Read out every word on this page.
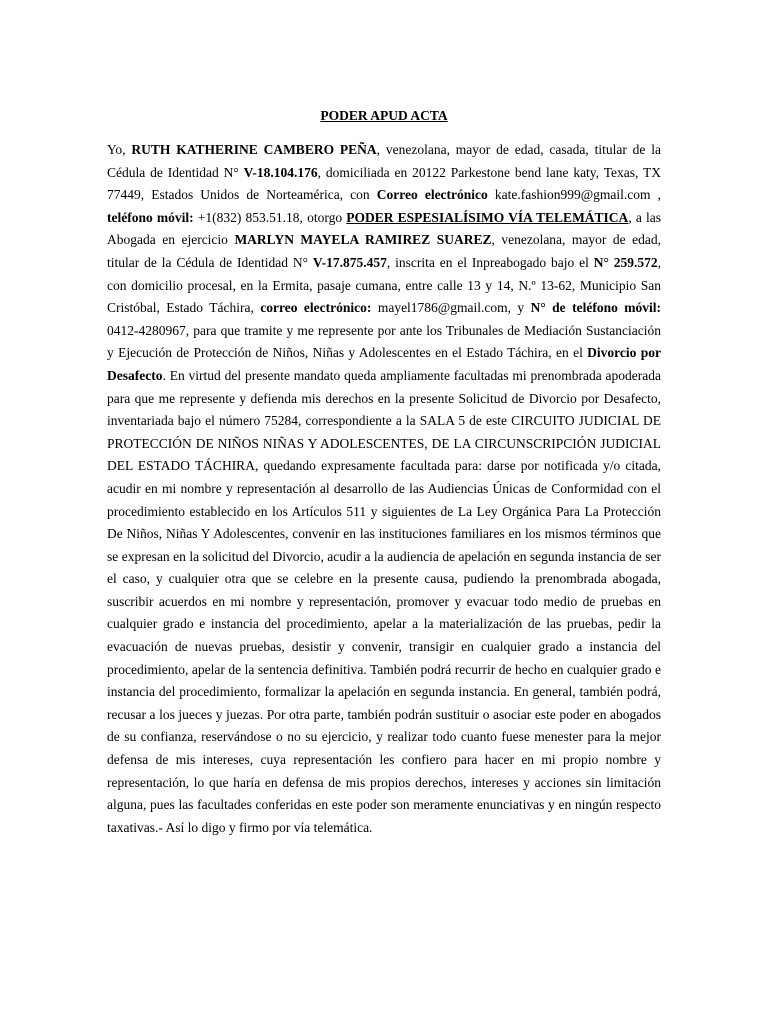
PODER APUD ACTA
Yo, RUTH KATHERINE CAMBERO PEÑA, venezolana, mayor de edad, casada, titular de la Cédula de Identidad N° V-18.104.176, domiciliada en 20122 Parkestone bend lane katy, Texas, TX 77449, Estados Unidos de Norteamérica, con Correo electrónico kate.fashion999@gmail.com , teléfono móvil: +1(832) 853.51.18, otorgo PODER ESPESIALÍSIMO VÍA TELEMÁTICA, a las Abogada en ejercicio MARLYN MAYELA RAMIREZ SUAREZ, venezolana, mayor de edad, titular de la Cédula de Identidad N° V-17.875.457, inscrita en el Inpreabogado bajo el N° 259.572, con domicilio procesal, en la Ermita, pasaje cumana, entre calle 13 y 14, N.º 13-62, Municipio San Cristóbal, Estado Táchira, correo electrónico: mayel1786@gmail.com, y N° de teléfono móvil: 0412-4280967, para que tramite y me represente por ante los Tribunales de Mediación Sustanciación y Ejecución de Protección de Niños, Niñas y Adolescentes en el Estado Táchira, en el Divorcio por Desafecto. En virtud del presente mandato queda ampliamente facultadas mi prenombrada apoderada para que me represente y defienda mis derechos en la presente Solicitud de Divorcio por Desafecto, inventariada bajo el número 75284, correspondiente a la SALA 5 de este CIRCUITO JUDICIAL DE PROTECCIÓN DE NIÑOS NIÑAS Y ADOLESCENTES, DE LA CIRCUNSCRIPCIÓN JUDICIAL DEL ESTADO TÁCHIRA, quedando expresamente facultada para: darse por notificada y/o citada, acudir en mi nombre y representación al desarrollo de las Audiencias Únicas de Conformidad con el procedimiento establecido en los Artículos 511 y siguientes de La Ley Orgánica Para La Protección De Niños, Niñas Y Adolescentes, convenir en las instituciones familiares en los mismos términos que se expresan en la solicitud del Divorcio, acudir a la audiencia de apelación en segunda instancia de ser el caso, y cualquier otra que se celebre en la presente causa, pudiendo la prenombrada abogada, suscribir acuerdos en mi nombre y representación, promover y evacuar todo medio de pruebas en cualquier grado e instancia del procedimiento, apelar a la materialización de las pruebas, pedir la evacuación de nuevas pruebas, desistir y convenir, transigir en cualquier grado a instancia del procedimiento, apelar de la sentencia definitiva. También podrá recurrir de hecho en cualquier grado e instancia del procedimiento, formalizar la apelación en segunda instancia. En general, también podrá, recusar a los jueces y juezas. Por otra parte, también podrán sustituir o asociar este poder en abogados de su confianza, reservándose o no su ejercicio, y realizar todo cuanto fuese menester para la mejor defensa de mis intereses, cuya representación les confiero para hacer en mi propio nombre y representación, lo que haría en defensa de mis propios derechos, intereses y acciones sin limitación alguna, pues las facultades conferidas en este poder son meramente enunciativas y en ningún respecto taxativas.- Así lo digo y firmo por vía telemática.
